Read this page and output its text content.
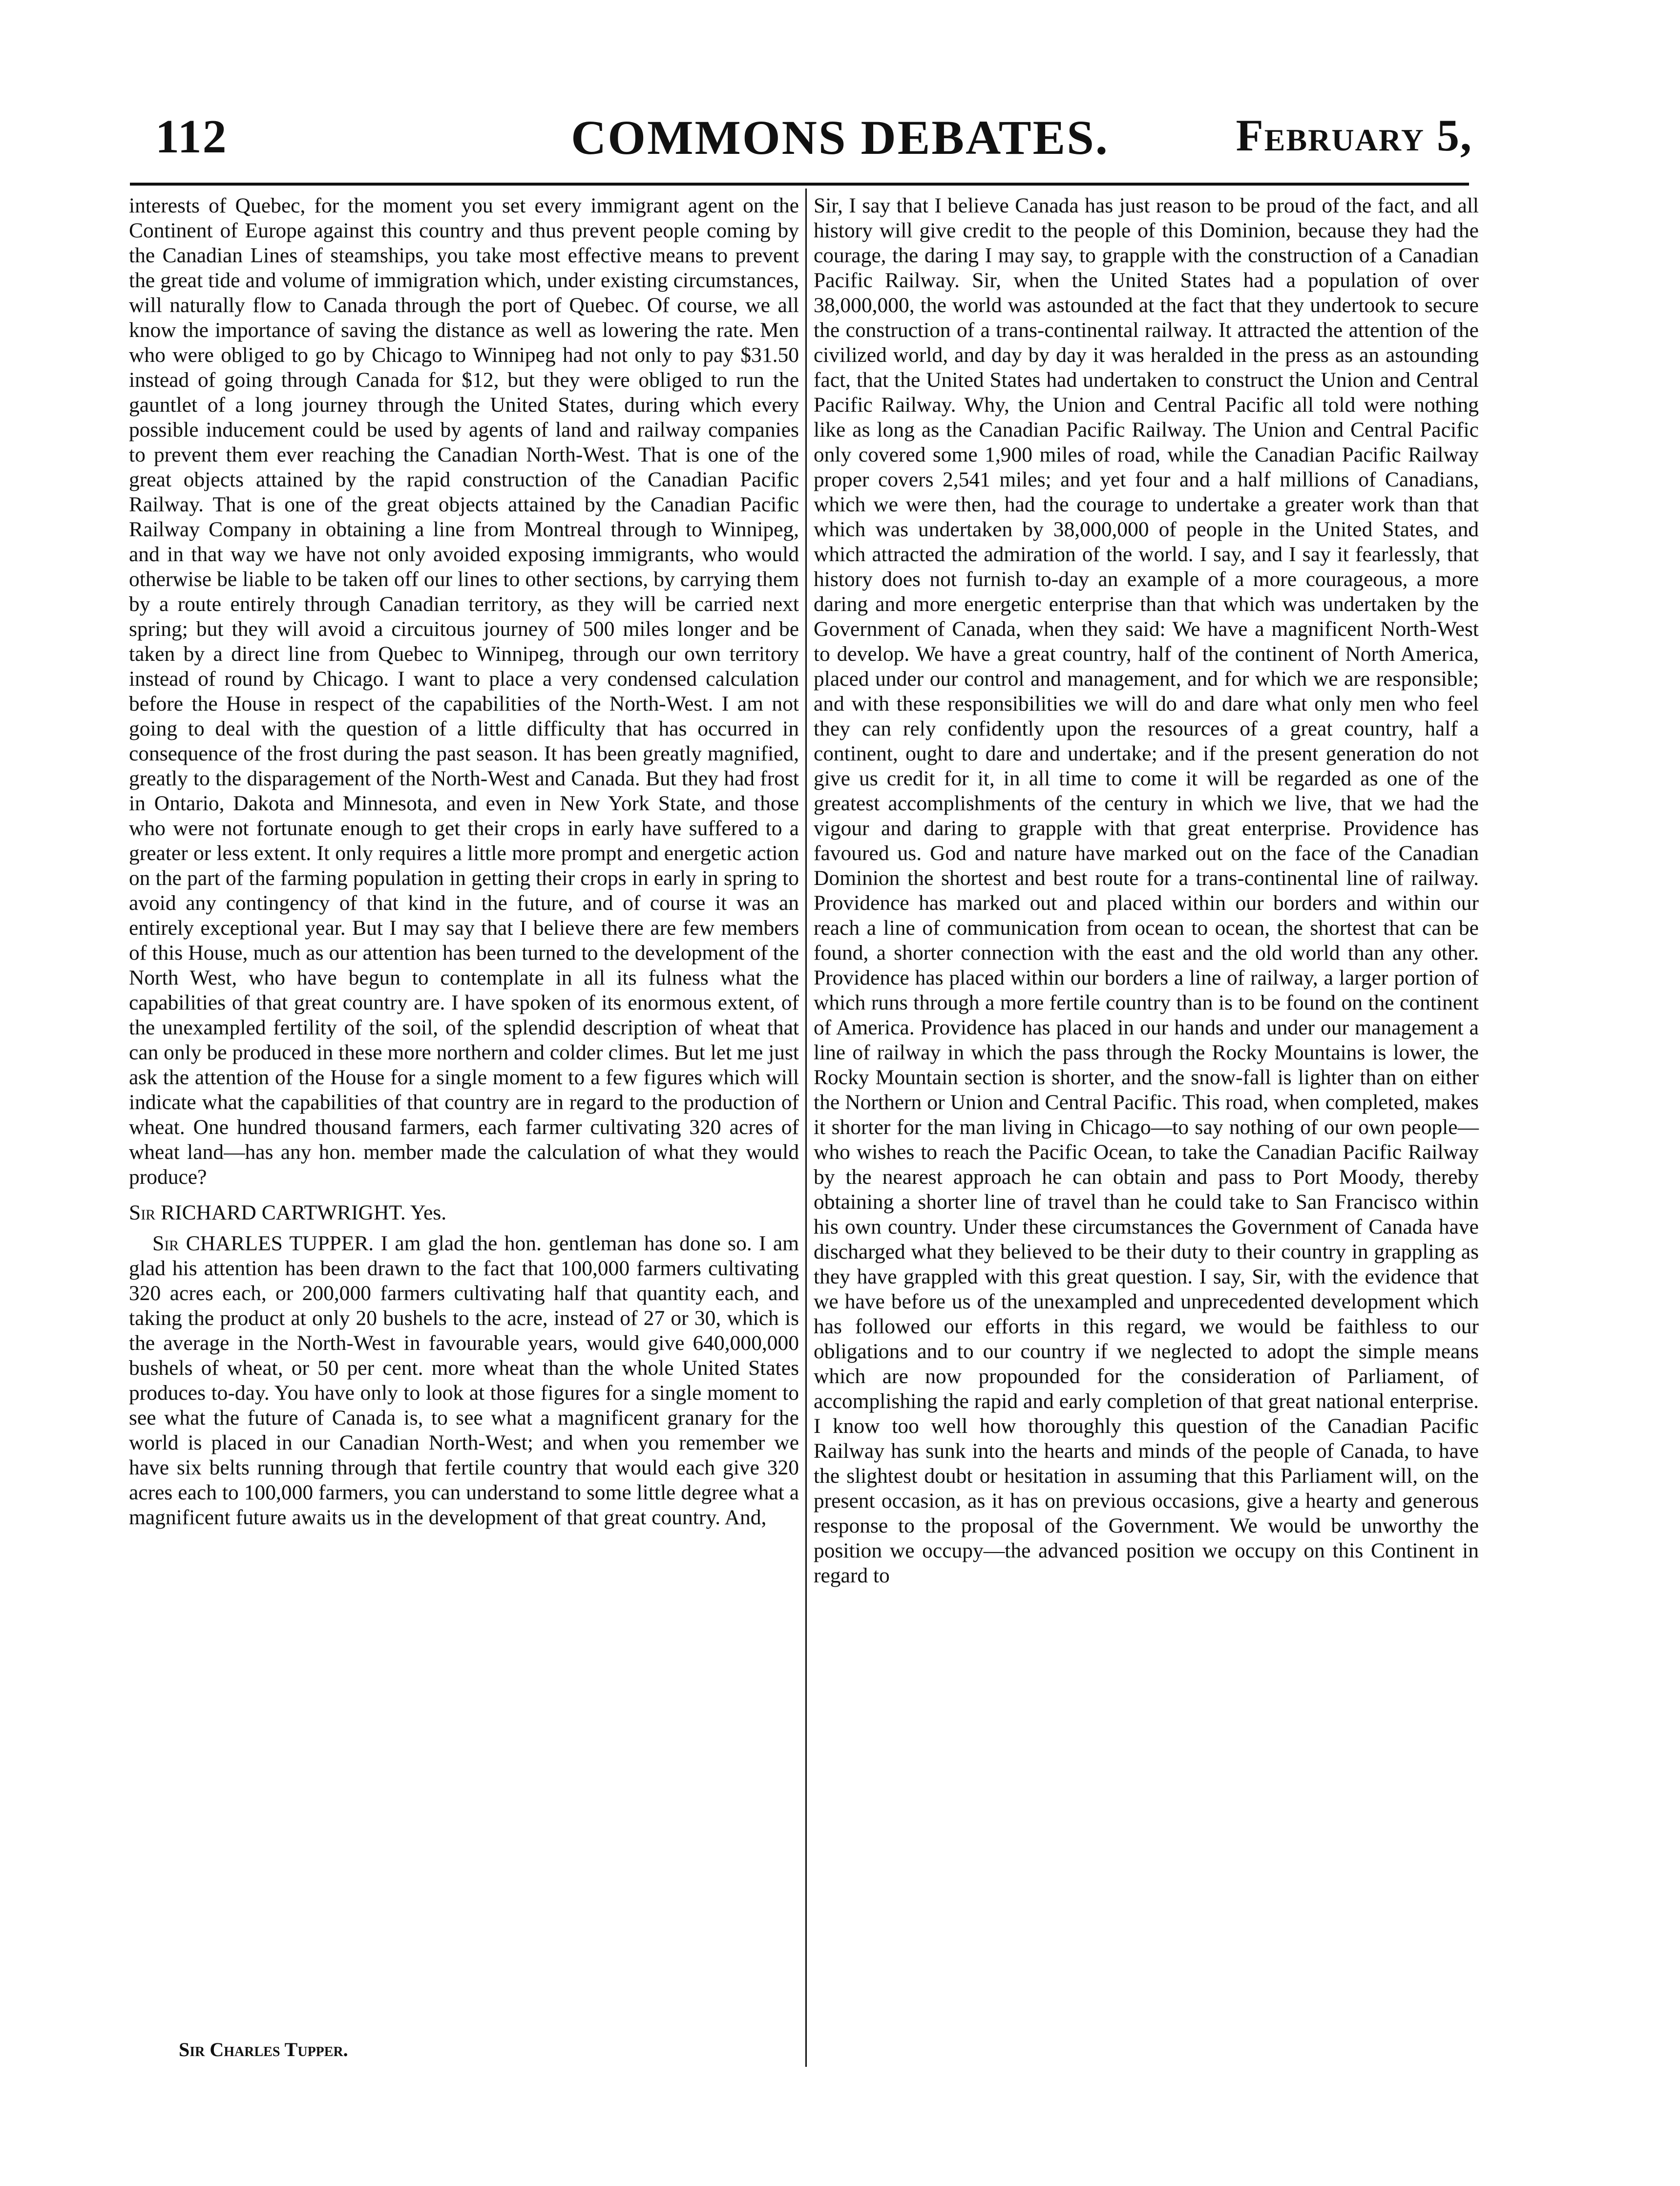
112	COMMONS DEBATES.	February 5,

interests of Quebec, for the moment you set every immigrant agent on the Continent of Europe against this country and thus prevent people coming by the Canadian Lines of steamships, you take most effective means to prevent the great tide and volume of immigration which, under existing circumstances, will naturally flow to Canada through the port of Quebec. Of course, we all know the importance of saving the distance as well as lowering the rate. Men who were obliged to go by Chicago to Winnipeg had not only to pay $31.50 instead of going through Canada for $12, but they were obliged to run the gauntlet of a long journey through the United States, during which every possible inducement could be used by agents of land and railway companies to prevent them ever reaching the Canadian North-West. That is one of the great objects attained by the rapid construction of the Canadian Pacific Railway. That is one of the great objects attained by the Canadian Pacific Railway Company in obtaining a line from Montreal through to Winnipeg, and in that way we have not only avoided exposing immigrants, who would otherwise be liable to be taken off our lines to other sections, by carrying them by a route entirely through Canadian territory, as they will be carried next spring; but they will avoid a circuitous journey of 500 miles longer and be taken by a direct line from Quebec to Winnipeg, through our own territory instead of round by Chicago. I want to place a very condensed calculation before the House in respect of the capabilities of the North-West. I am not going to deal with the question of a little difficulty that has occurred in consequence of the frost during the past season. It has been greatly magnified, greatly to the disparagement of the North-West and Canada. But they had frost in Ontario, Dakota and Minnesota, and even in New York State, and those who were not fortunate enough to get their crops in early have suffered to a greater or less extent. It only requires a little more prompt and energetic action on the part of the farming population in getting their crops in early in spring to avoid any contingency of that kind in the future, and of course it was an entirely exceptional year. But I may say that I believe there are few members of this House, much as our attention has been turned to the development of the North West, who have begun to contemplate in all its fulness what the capabilities of that great country are. I have spoken of its enormous extent, of the unexampled fertility of the soil, of the splendid description of wheat that can only be produced in these more northern and colder climes. But let me just ask the attention of the House for a single moment to a few figures which will indicate what the capabilities of that country are in regard to the production of wheat. One hundred thousand farmers, each farmer cultivating 320 acres of wheat land—has any hon. member made the calculation of what they would produce?

Sir RICHARD CARTWRIGHT. Yes.

Sir CHARLES TUPPER. I am glad the hon. gentleman has done so. I am glad his attention has been drawn to the fact that 100,000 farmers cultivating 320 acres each, or 200,000 farmers cultivating half that quantity each, and taking the product at only 20 bushels to the acre, instead of 27 or 30, which is the average in the North-West in favourable years, would give 640,000,000 bushels of wheat, or 50 per cent. more wheat than the whole United States produces to-day. You have only to look at those figures for a single moment to see what the future of Canada is, to see what a magnificent granary for the world is placed in our Canadian North-West; and when you remember we have six belts running through that fertile country that would each give 320 acres each to 100,000 farmers, you can understand to some little degree what a magnificent future awaits us in the development of that great country. And,

Sir Charles Tupper.

Sir, I say that I believe Canada has just reason to be proud of the fact, and all history will give credit to the people of this Dominion, because they had the courage, the daring I may say, to grapple with the construction of a Canadian Pacific Railway. Sir, when the United States had a population of over 38,000,000, the world was astounded at the fact that they undertook to secure the construction of a trans-continental railway. It attracted the attention of the civilized world, and day by day it was heralded in the press as an astounding fact, that the United States had undertaken to construct the Union and Central Pacific Railway. Why, the Union and Central Pacific all told were nothing like as long as the Canadian Pacific Railway. The Union and Central Pacific only covered some 1,900 miles of road, while the Canadian Pacific Railway proper covers 2,541 miles; and yet four and a half millions of Canadians, which we were then, had the courage to undertake a greater work than that which was undertaken by 38,000,000 of people in the United States, and which attracted the admiration of the world. I say, and I say it fearlessly, that history does not furnish to-day an example of a more courageous, a more daring and more energetic enterprise than that which was undertaken by the Government of Canada, when they said: We have a magnificent North-West to develop. We have a great country, half of the continent of North America, placed under our control and management, and for which we are responsible; and with these responsibilities we will do and dare what only men who feel they can rely confidently upon the resources of a great country, half a continent, ought to dare and undertake; and if the present generation do not give us credit for it, in all time to come it will be regarded as one of the greatest accomplishments of the century in which we live, that we had the vigour and daring to grapple with that great enterprise. Providence has favoured us. God and nature have marked out on the face of the Canadian Dominion the shortest and best route for a trans-continental line of railway. Providence has marked out and placed within our borders and within our reach a line of communication from ocean to ocean, the shortest that can be found, a shorter connection with the east and the old world than any other. Providence has placed within our borders a line of railway, a larger portion of which runs through a more fertile country than is to be found on the continent of America. Providence has placed in our hands and under our management a line of railway in which the pass through the Rocky Mountains is lower, the Rocky Mountain section is shorter, and the snow-fall is lighter than on either the Northern or Union and Central Pacific. This road, when completed, makes it shorter for the man living in Chicago—to say nothing of our own people—who wishes to reach the Pacific Ocean, to take the Canadian Pacific Railway by the nearest approach he can obtain and pass to Port Moody, thereby obtaining a shorter line of travel than he could take to San Francisco within his own country. Under these circumstances the Government of Canada have discharged what they believed to be their duty to their country in grappling as they have grappled with this great question. I say, Sir, with the evidence that we have before us of the unexampled and unprecedented development which has followed our efforts in this regard, we would be faithless to our obligations and to our country if we neglected to adopt the simple means which are now propounded for the consideration of Parliament, of accomplishing the rapid and early completion of that great national enterprise. I know too well how thoroughly this question of the Canadian Pacific Railway has sunk into the hearts and minds of the people of Canada, to have the slightest doubt or hesitation in assuming that this Parliament will, on the present occasion, as it has on previous occasions, give a hearty and generous response to the proposal of the Government. We would be unworthy the position we occupy—the advanced position we occupy on this Continent in regard to
